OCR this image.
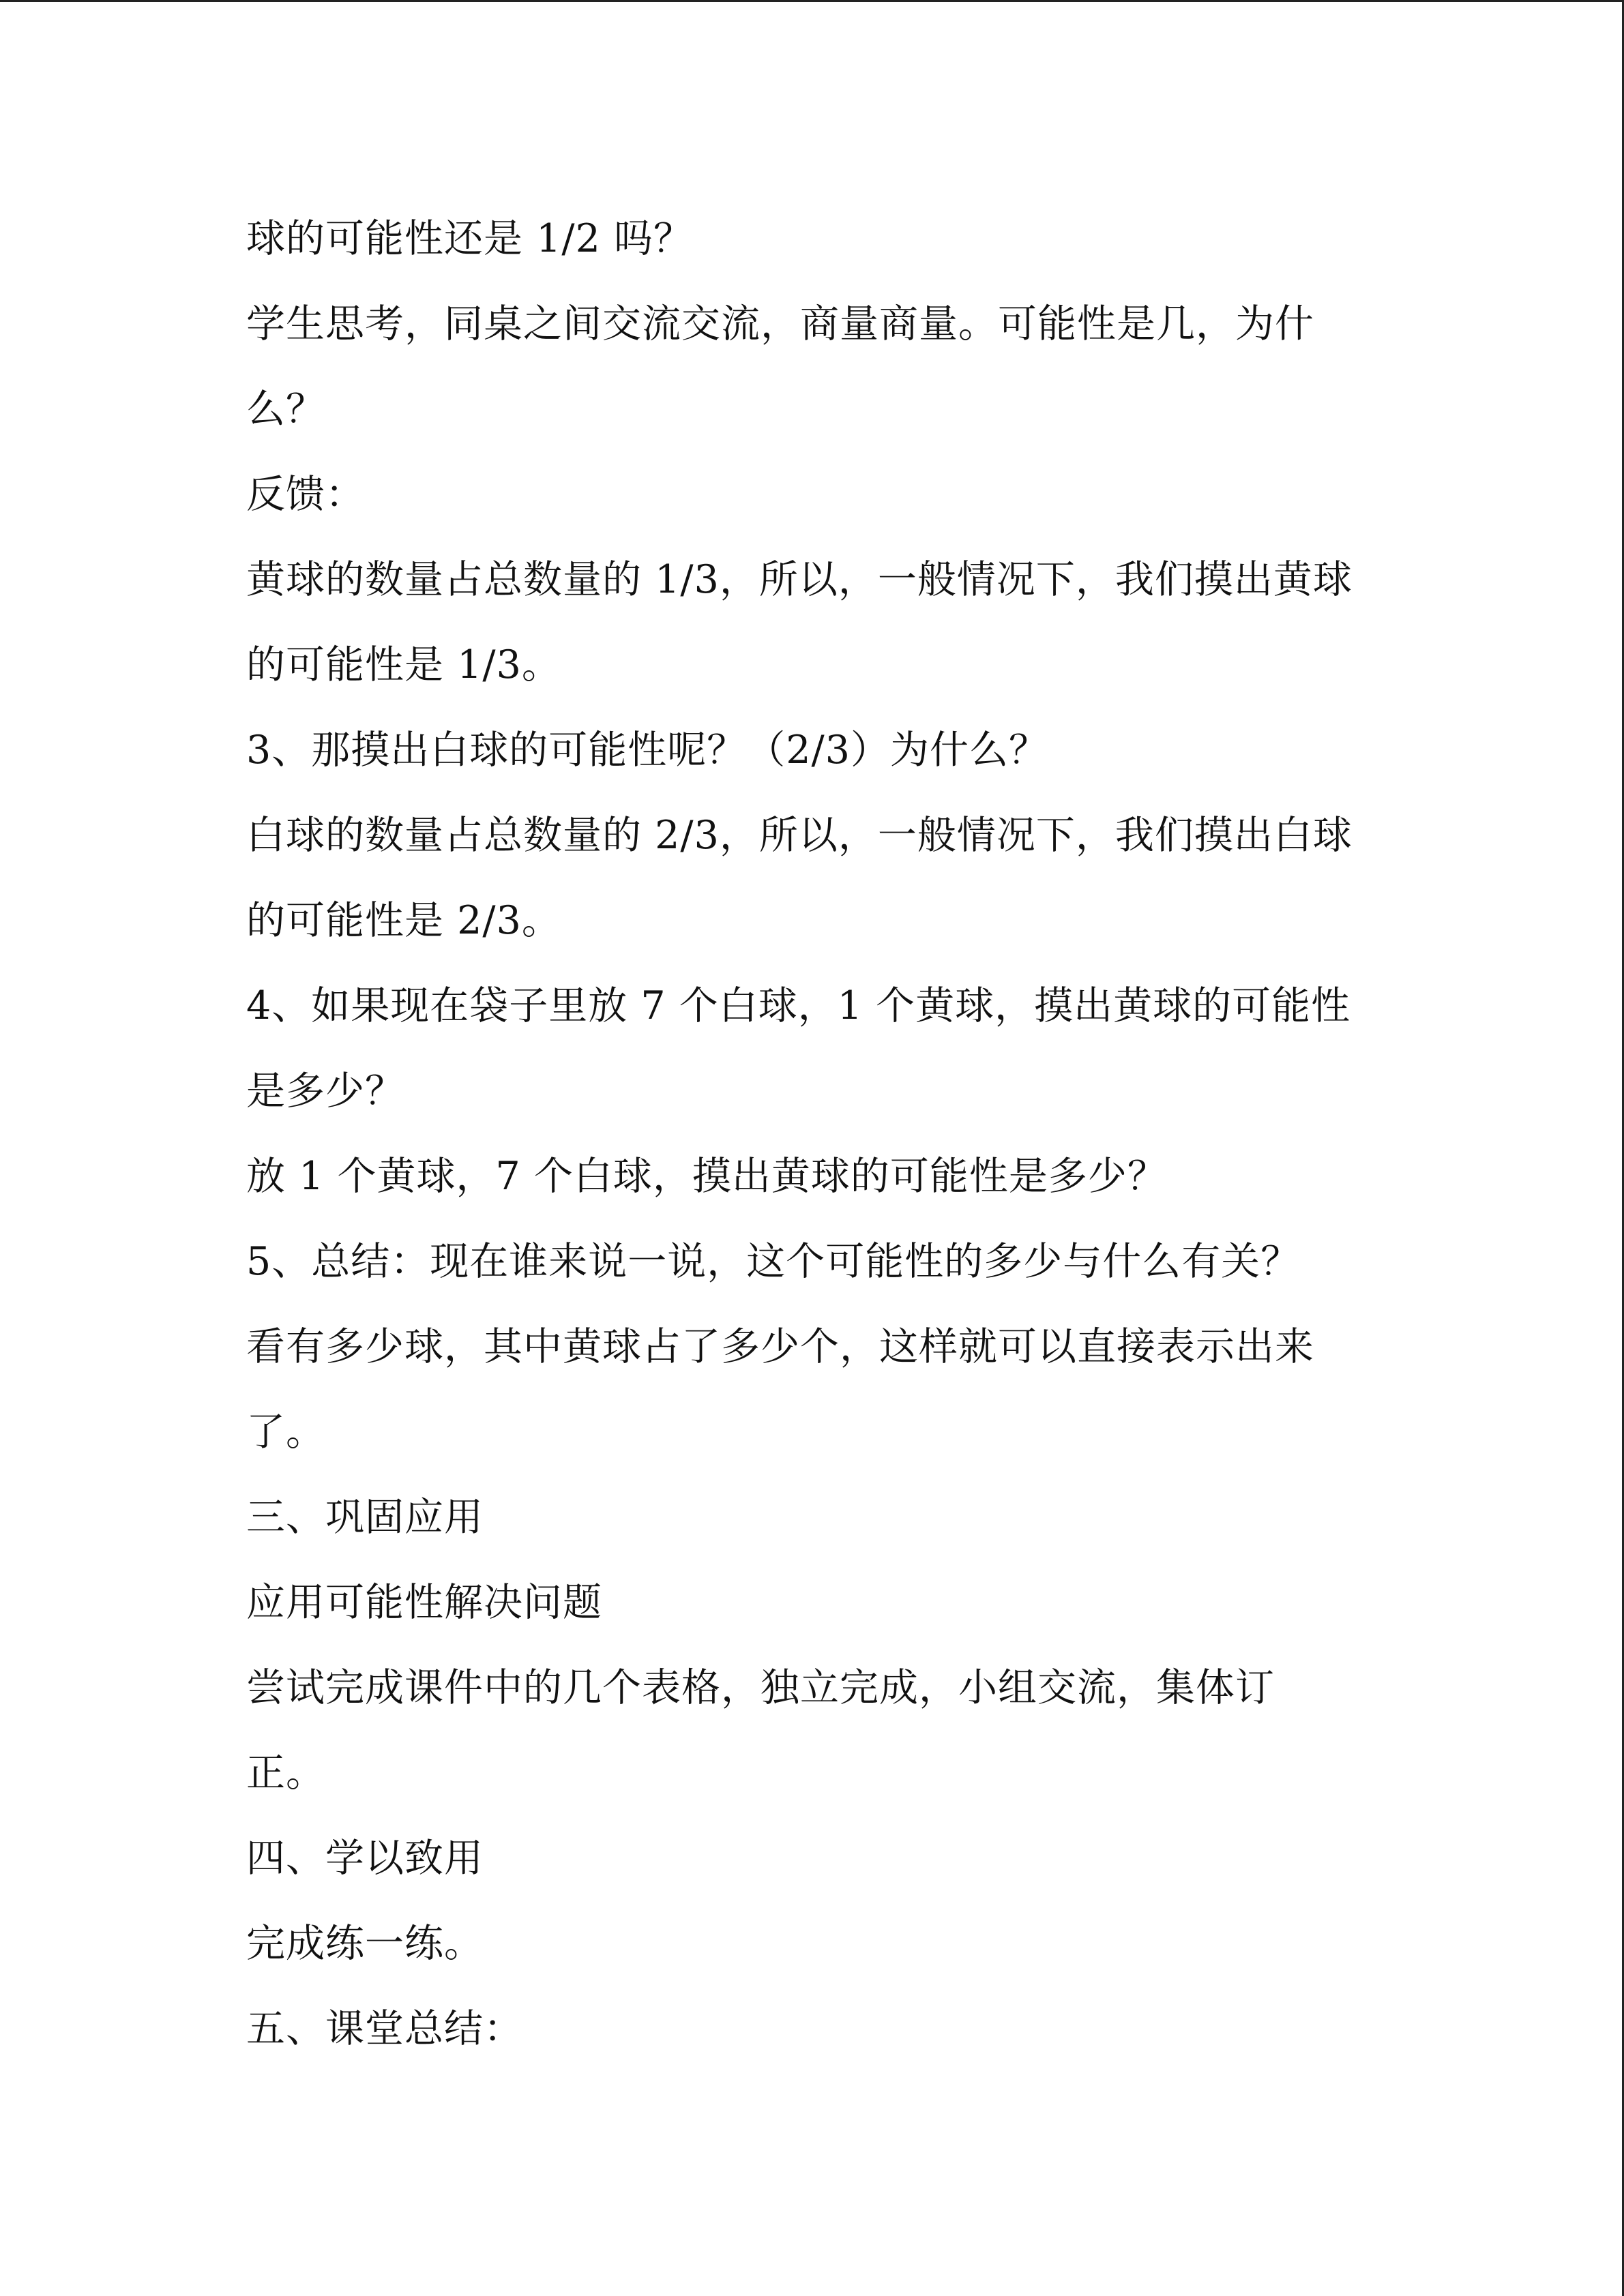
球的可能性还是 1/2 吗？
学生思考，同桌之间交流交流，商量商量。可能性是几，为什
么？
反馈：
黄球的数量占总数量的 1/3，所以，一般情况下，我们摸出黄球
的可能性是 1/3。
3、那摸出白球的可能性呢？（2/3）为什么？
白球的数量占总数量的 2/3，所以，一般情况下，我们摸出白球
的可能性是 2/3。
4、如果现在袋子里放 7 个白球，1 个黄球，摸出黄球的可能性
是多少？
放 1 个黄球，7 个白球，摸出黄球的可能性是多少？
5、总结：现在谁来说一说，这个可能性的多少与什么有关？
看有多少球，其中黄球占了多少个，这样就可以直接表示出来
了。
三、巩固应用
应用可能性解决问题
尝试完成课件中的几个表格，独立完成，小组交流，集体订
正。
四、学以致用
完成练一练。
五、课堂总结：
